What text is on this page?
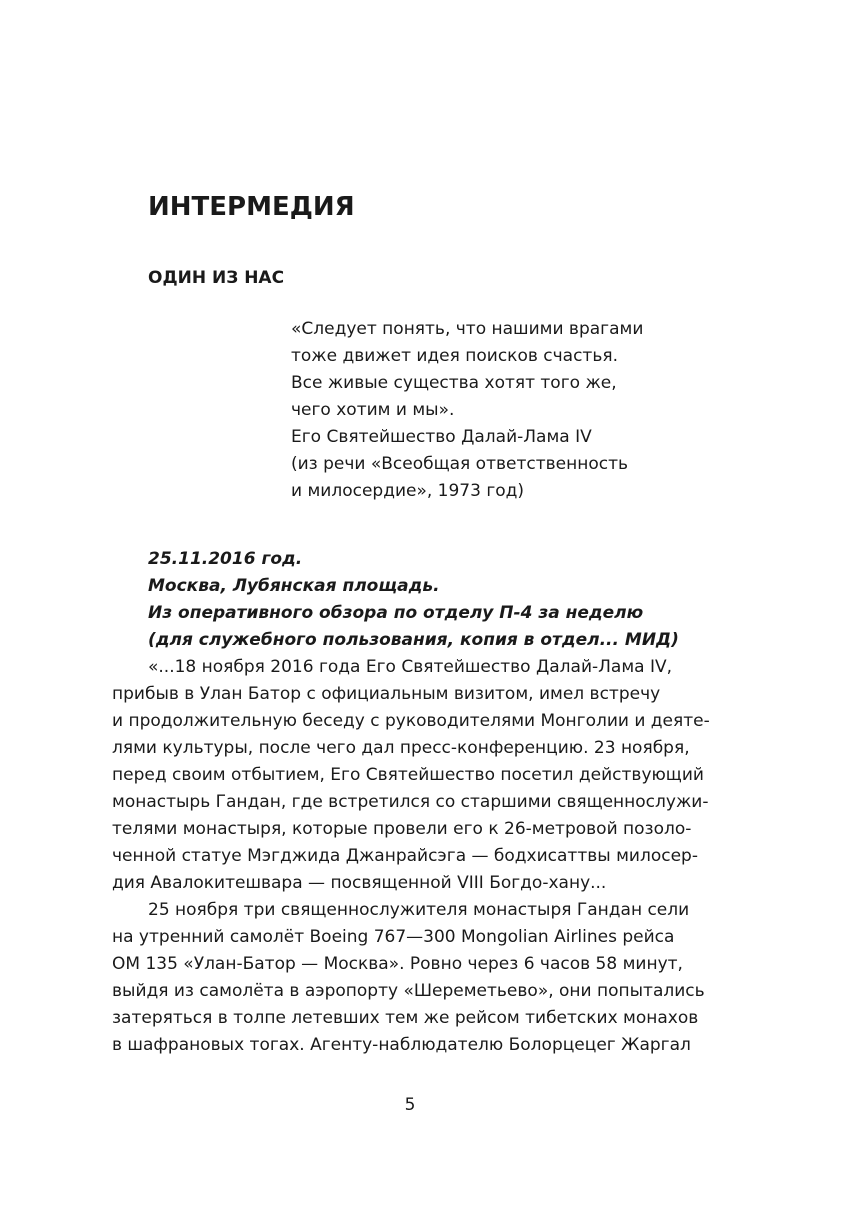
ИНТЕРМЕДИЯ
ОДИН ИЗ НАС
«Следует понять, что нашими врагами
тоже движет идея поисков счастья.
Все живые существа хотят того же,
чего хотим и мы».
Его Святейшество Далай-Лама IV
(из речи «Всеобщая ответственность
и милосердие», 1973 год)
25.11.2016 год.
Москва, Лубянская площадь.
Из оперативного обзора по отделу П-4 за неделю
(для служебного пользования, копия в отдел... МИД)
«...18 ноября 2016 года Его Святейшество Далай-Лама IV,
прибыв в Улан Батор с официальным визитом, имел встречу
и продолжительную беседу с руководителями Монголии и деяте-
лями культуры, после чего дал пресс-конференцию. 23 ноября,
перед своим отбытием, Его Святейшество посетил действующий
монастырь Гандан, где встретился со старшими священнослужи-
телями монастыря, которые провели его к 26-метровой позоло-
ченной статуе Мэгджида Джанрайсэга — бодхисаттвы милосер-
дия Авалокитешвара — посвященной VIII Богдо-хану...
25 ноября три священнослужителя монастыря Гандан сели
на утренний самолёт Boeing 767—300 Mongolian Airlines рейса
OM 135 «Улан-Батор — Москва». Ровно через 6 часов 58 минут,
выйдя из самолёта в аэропорту «Шереметьево», они попытались
затеряться в толпе летевших тем же рейсом тибетских монахов
в шафрановых тогах. Агенту-наблюдателю Болорцецег Жаргал
5
